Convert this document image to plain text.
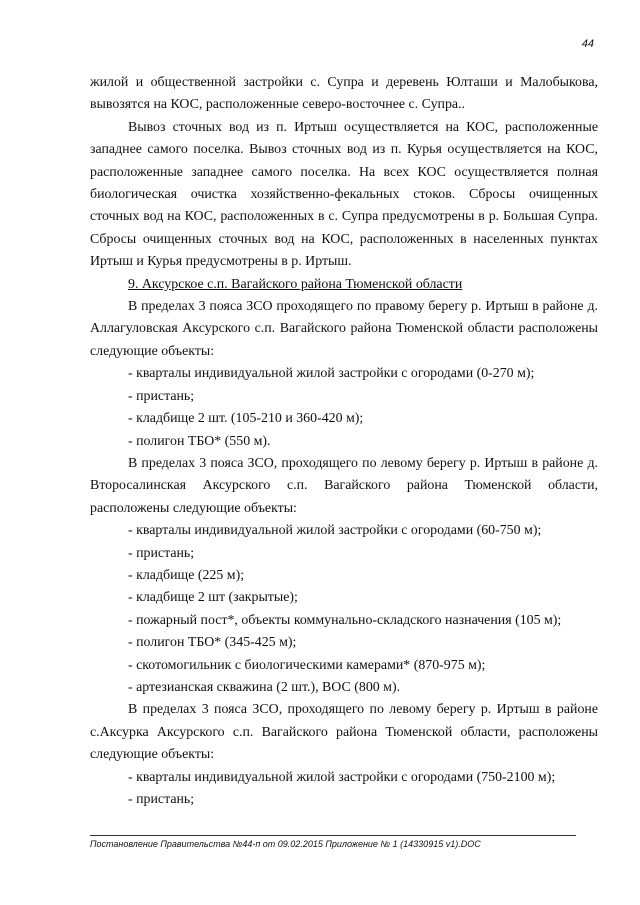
44

жилой и общественной застройки с. Супра и деревень Юлташи и Малобыкова, вывозятся на КОС, расположенные северо-восточнее с. Супра..

Вывоз сточных вод из п. Иртыш осуществляется на КОС, расположенные западнее самого поселка. Вывоз сточных вод из п. Курья осуществляется на КОС, расположенные западнее самого поселка. На всех КОС осуществляется полная биологическая очистка хозяйственно-фекальных стоков. Сбросы очищенных сточных вод на КОС, расположенных в с. Супра предусмотрены в р. Большая Супра. Сбросы очищенных сточных вод на КОС, расположенных в населенных пунктах Иртыш и Курья предусмотрены в р. Иртыш.

9. Аксурское с.п. Вагайского района Тюменской области

В пределах 3 пояса ЗСО проходящего по правому берегу р. Иртыш в районе д. Аллагуловская Аксурского с.п. Вагайского района Тюменской области расположены следующие объекты:

- кварталы индивидуальной жилой застройки с огородами (0-270 м);

- пристань;

- кладбище 2 шт. (105-210 и 360-420 м);

- полигон ТБО* (550 м).

В пределах 3 пояса ЗСО, проходящего по левому берегу р. Иртыш в районе д. Второсалинская Аксурского с.п. Вагайского района Тюменской области, расположены следующие объекты:

- кварталы индивидуальной жилой застройки с огородами (60-750 м);

- пристань;

- кладбище (225 м);

- кладбище 2 шт (закрытые);

- пожарный пост*, объекты коммунально-складского назначения (105 м);

- полигон ТБО* (345-425 м);

- скотомогильник с биологическими камерами* (870-975 м);

- артезианская скважина (2 шт.), ВОС (800 м).

В пределах 3 пояса ЗСО, проходящего по левому берегу р. Иртыш в районе с.Аксурка Аксурского с.п. Вагайского района Тюменской области, расположены следующие объекты:

- кварталы индивидуальной жилой застройки с огородами (750-2100 м);

- пристань;

Постановление Правительства №44-п от 09.02.2015 Приложение № 1 (14330915 v1).DOC
